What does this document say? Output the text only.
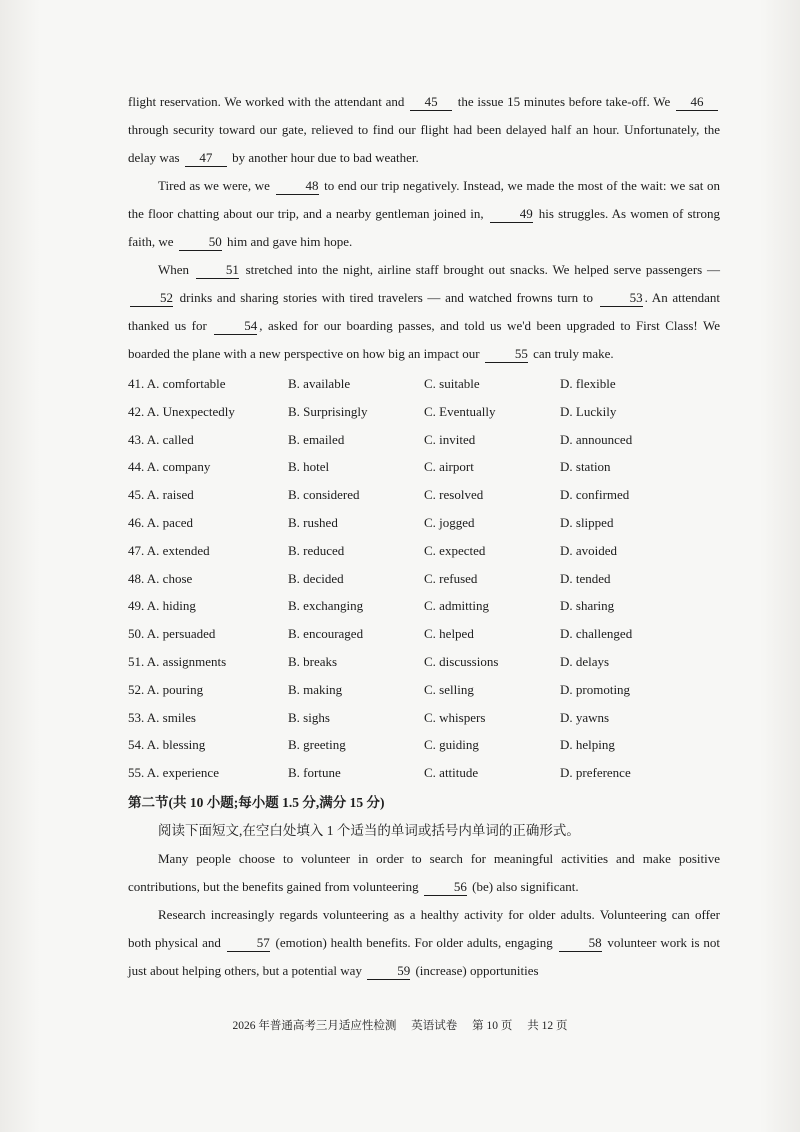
flight reservation. We worked with the attendant and 45 the issue 15 minutes before take-off. We 46 through security toward our gate, relieved to find our flight had been delayed half an hour. Unfortunately, the delay was 47 by another hour due to bad weather.

Tired as we were, we 48 to end our trip negatively. Instead, we made the most of the wait: we sat on the floor chatting about our trip, and a nearby gentleman joined in, 49 his struggles. As women of strong faith, we 50 him and gave him hope.

When 51 stretched into the night, airline staff brought out snacks. We helped serve passengers — 52 drinks and sharing stories with tired travelers — and watched frowns turn to 53 . An attendant thanked us for 54 , asked for our boarding passes, and told us we'd been upgraded to First Class! We boarded the plane with a new perspective on how big an impact our 55 can truly make.

41. A. comfortable	B. available	C. suitable	D. flexible
42. A. Unexpectedly	B. Surprisingly	C. Eventually	D. Luckily
43. A. called	B. emailed	C. invited	D. announced
44. A. company	B. hotel	C. airport	D. station
45. A. raised	B. considered	C. resolved	D. confirmed
46. A. paced	B. rushed	C. jogged	D. slipped
47. A. extended	B. reduced	C. expected	D. avoided
48. A. chose	B. decided	C. refused	D. tended
49. A. hiding	B. exchanging	C. admitting	D. sharing
50. A. persuaded	B. encouraged	C. helped	D. challenged
51. A. assignments	B. breaks	C. discussions	D. delays
52. A. pouring	B. making	C. selling	D. promoting
53. A. smiles	B. sighs	C. whispers	D. yawns
54. A. blessing	B. greeting	C. guiding	D. helping
55. A. experience	B. fortune	C. attitude	D. preference
第二节(共 10 小题;每小题 1.5 分,满分 15 分)

阅读下面短文,在空白处填入 1 个适当的单词或括号内单词的正确形式。

Many people choose to volunteer in order to search for meaningful activities and make positive contributions, but the benefits gained from volunteering 56 (be) also significant.

Research increasingly regards volunteering as a healthy activity for older adults. Volunteering can offer both physical and 57 (emotion) health benefits. For older adults, engaging 58 volunteer work is not just about helping others, but a potential way 59 (increase) opportunities

2026 年普通高考三月适应性检测 英语试卷 第 10 页 共 12 页
